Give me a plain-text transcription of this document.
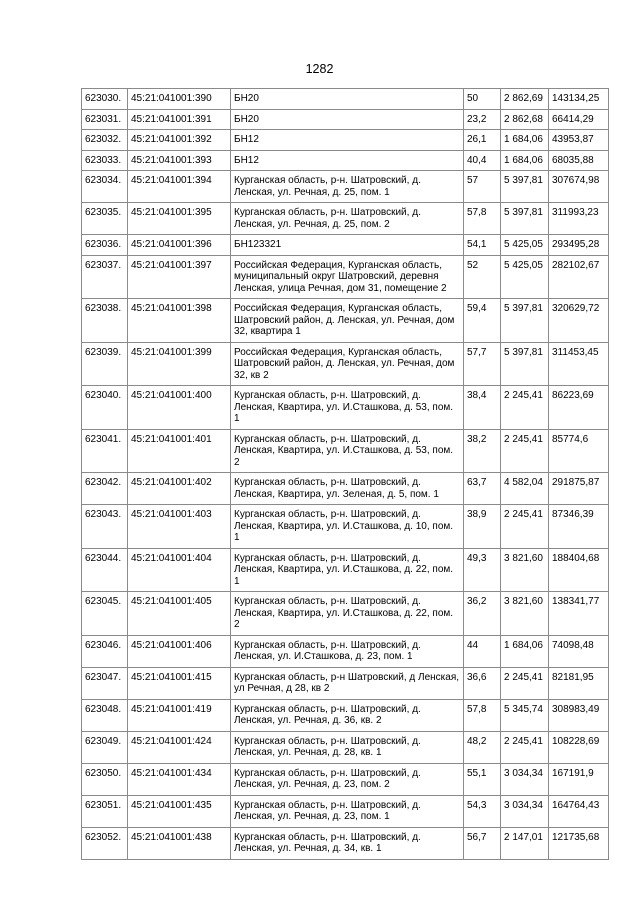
1282
623030.	45:21:041001:390	БН20	50	2 862,69	143134,25
623031.	45:21:041001:391	БН20	23,2	2 862,68	66414,29
623032.	45:21:041001:392	БН12	26,1	1 684,06	43953,87
623033.	45:21:041001:393	БН12	40,4	1 684,06	68035,88
623034.	45:21:041001:394	Курганская область, р-н. Шатровский, д. Ленская, ул. Речная, д. 25, пом. 1	57	5 397,81	307674,98
623035.	45:21:041001:395	Курганская область, р-н. Шатровский, д. Ленская, ул. Речная, д. 25, пом. 2	57,8	5 397,81	311993,23
623036.	45:21:041001:396	БН123321	54,1	5 425,05	293495,28
623037.	45:21:041001:397	Российская Федерация, Курганская область, муниципальный округ Шатровский, деревня Ленская, улица Речная, дом 31, помещение 2	52	5 425,05	282102,67
623038.	45:21:041001:398	Российская Федерация, Курганская область, Шатровский район, д. Ленская, ул. Речная, дом 32, квартира 1	59,4	5 397,81	320629,72
623039.	45:21:041001:399	Российская Федерация, Курганская область, Шатровский район, д. Ленская, ул. Речная, дом 32, кв 2	57,7	5 397,81	311453,45
623040.	45:21:041001:400	Курганская область, р-н. Шатровский, д. Ленская, Квартира, ул. И.Сташкова, д. 53, пом. 1	38,4	2 245,41	86223,69
623041.	45:21:041001:401	Курганская область, р-н. Шатровский, д. Ленская, Квартира, ул. И.Сташкова, д. 53, пом. 2	38,2	2 245,41	85774,6
623042.	45:21:041001:402	Курганская область, р-н. Шатровский, д. Ленская, Квартира, ул. Зеленая, д. 5, пом. 1	63,7	4 582,04	291875,87
623043.	45:21:041001:403	Курганская область, р-н. Шатровский, д. Ленская, Квартира, ул. И.Сташкова, д. 10, пом. 1	38,9	2 245,41	87346,39
623044.	45:21:041001:404	Курганская область, р-н. Шатровский, д. Ленская, Квартира, ул. И.Сташкова, д. 22, пом. 1	49,3	3 821,60	188404,68
623045.	45:21:041001:405	Курганская область, р-н. Шатровский, д. Ленская, Квартира, ул. И.Сташкова, д. 22, пом. 2	36,2	3 821,60	138341,77
623046.	45:21:041001:406	Курганская область, р-н. Шатровский, д. Ленская, ул. И.Сташкова, д. 23, пом. 1	44	1 684,06	74098,48
623047.	45:21:041001:415	Курганская область, р-н Шатровский, д Ленская, ул Речная, д 28, кв 2	36,6	2 245,41	82181,95
623048.	45:21:041001:419	Курганская область, р-н. Шатровский, д. Ленская, ул. Речная, д. 36, кв. 2	57,8	5 345,74	308983,49
623049.	45:21:041001:424	Курганская область, р-н. Шатровский, д. Ленская, ул. Речная, д. 28, кв. 1	48,2	2 245,41	108228,69
623050.	45:21:041001:434	Курганская область, р-н. Шатровский, д. Ленская, ул. Речная, д. 23, пом. 2	55,1	3 034,34	167191,9
623051.	45:21:041001:435	Курганская область, р-н. Шатровский, д. Ленская, ул. Речная, д. 23, пом. 1	54,3	3 034,34	164764,43
623052.	45:21:041001:438	Курганская область, р-н. Шатровский, д. Ленская, ул. Речная, д. 34, кв. 1	56,7	2 147,01	121735,68
